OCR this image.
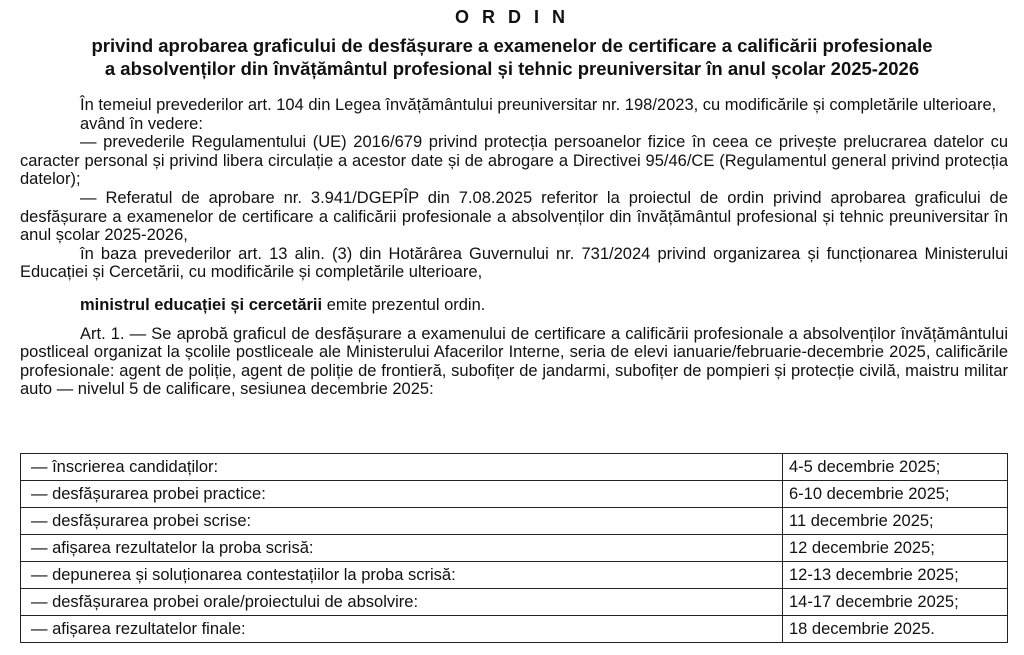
O R D I N
privind aprobarea graficului de desfășurare a examenelor de certificare a calificării profesionale
a absolvenților din învățământul profesional și tehnic preuniversitar în anul școlar 2025-2026

În temeiul prevederilor art. 104 din Legea învățământului preuniversitar nr. 198/2023, cu modificările și completările ulterioare,

având în vedere:

— prevederile Regulamentului (UE) 2016/679 privind protecția persoanelor fizice în ceea ce privește prelucrarea datelor cu caracter personal și privind libera circulație a acestor date și de abrogare a Directivei 95/46/CE (Regulamentul general privind protecția datelor);

— Referatul de aprobare nr. 3.941/DGEPÎP din 7.08.2025 referitor la proiectul de ordin privind aprobarea graficului de desfășurare a examenelor de certificare a calificării profesionale a absolvenților din învățământul profesional și tehnic preuniversitar în anul școlar 2025-2026,

în baza prevederilor art. 13 alin. (3) din Hotărârea Guvernului nr. 731/2024 privind organizarea și funcționarea Ministerului Educației și Cercetării, cu modificările și completările ulterioare,

ministrul educației și cercetării emite prezentul ordin.

Art. 1. — Se aprobă graficul de desfășurare a examenului de certificare a calificării profesionale a absolvenților învățământului postliceal organizat la școlile postliceale ale Ministerului Afacerilor Interne, seria de elevi ianuarie/februarie-decembrie 2025, calificările profesionale: agent de poliție, agent de poliție de frontieră, subofițer de jandarmi, subofițer de pompieri și protecție civilă, maistru militar auto — nivelul 5 de calificare, sesiunea decembrie 2025:

— înscrierea candidaților:	4-5 decembrie 2025;
— desfășurarea probei practice:	6-10 decembrie 2025;
— desfășurarea probei scrise:	11 decembrie 2025;
— afișarea rezultatelor la proba scrisă:	12 decembrie 2025;
— depunerea și soluționarea contestațiilor la proba scrisă:	12-13 decembrie 2025;
— desfășurarea probei orale/proiectului de absolvire:	14-17 decembrie 2025;
— afișarea rezultatelor finale:	18 decembrie 2025.
